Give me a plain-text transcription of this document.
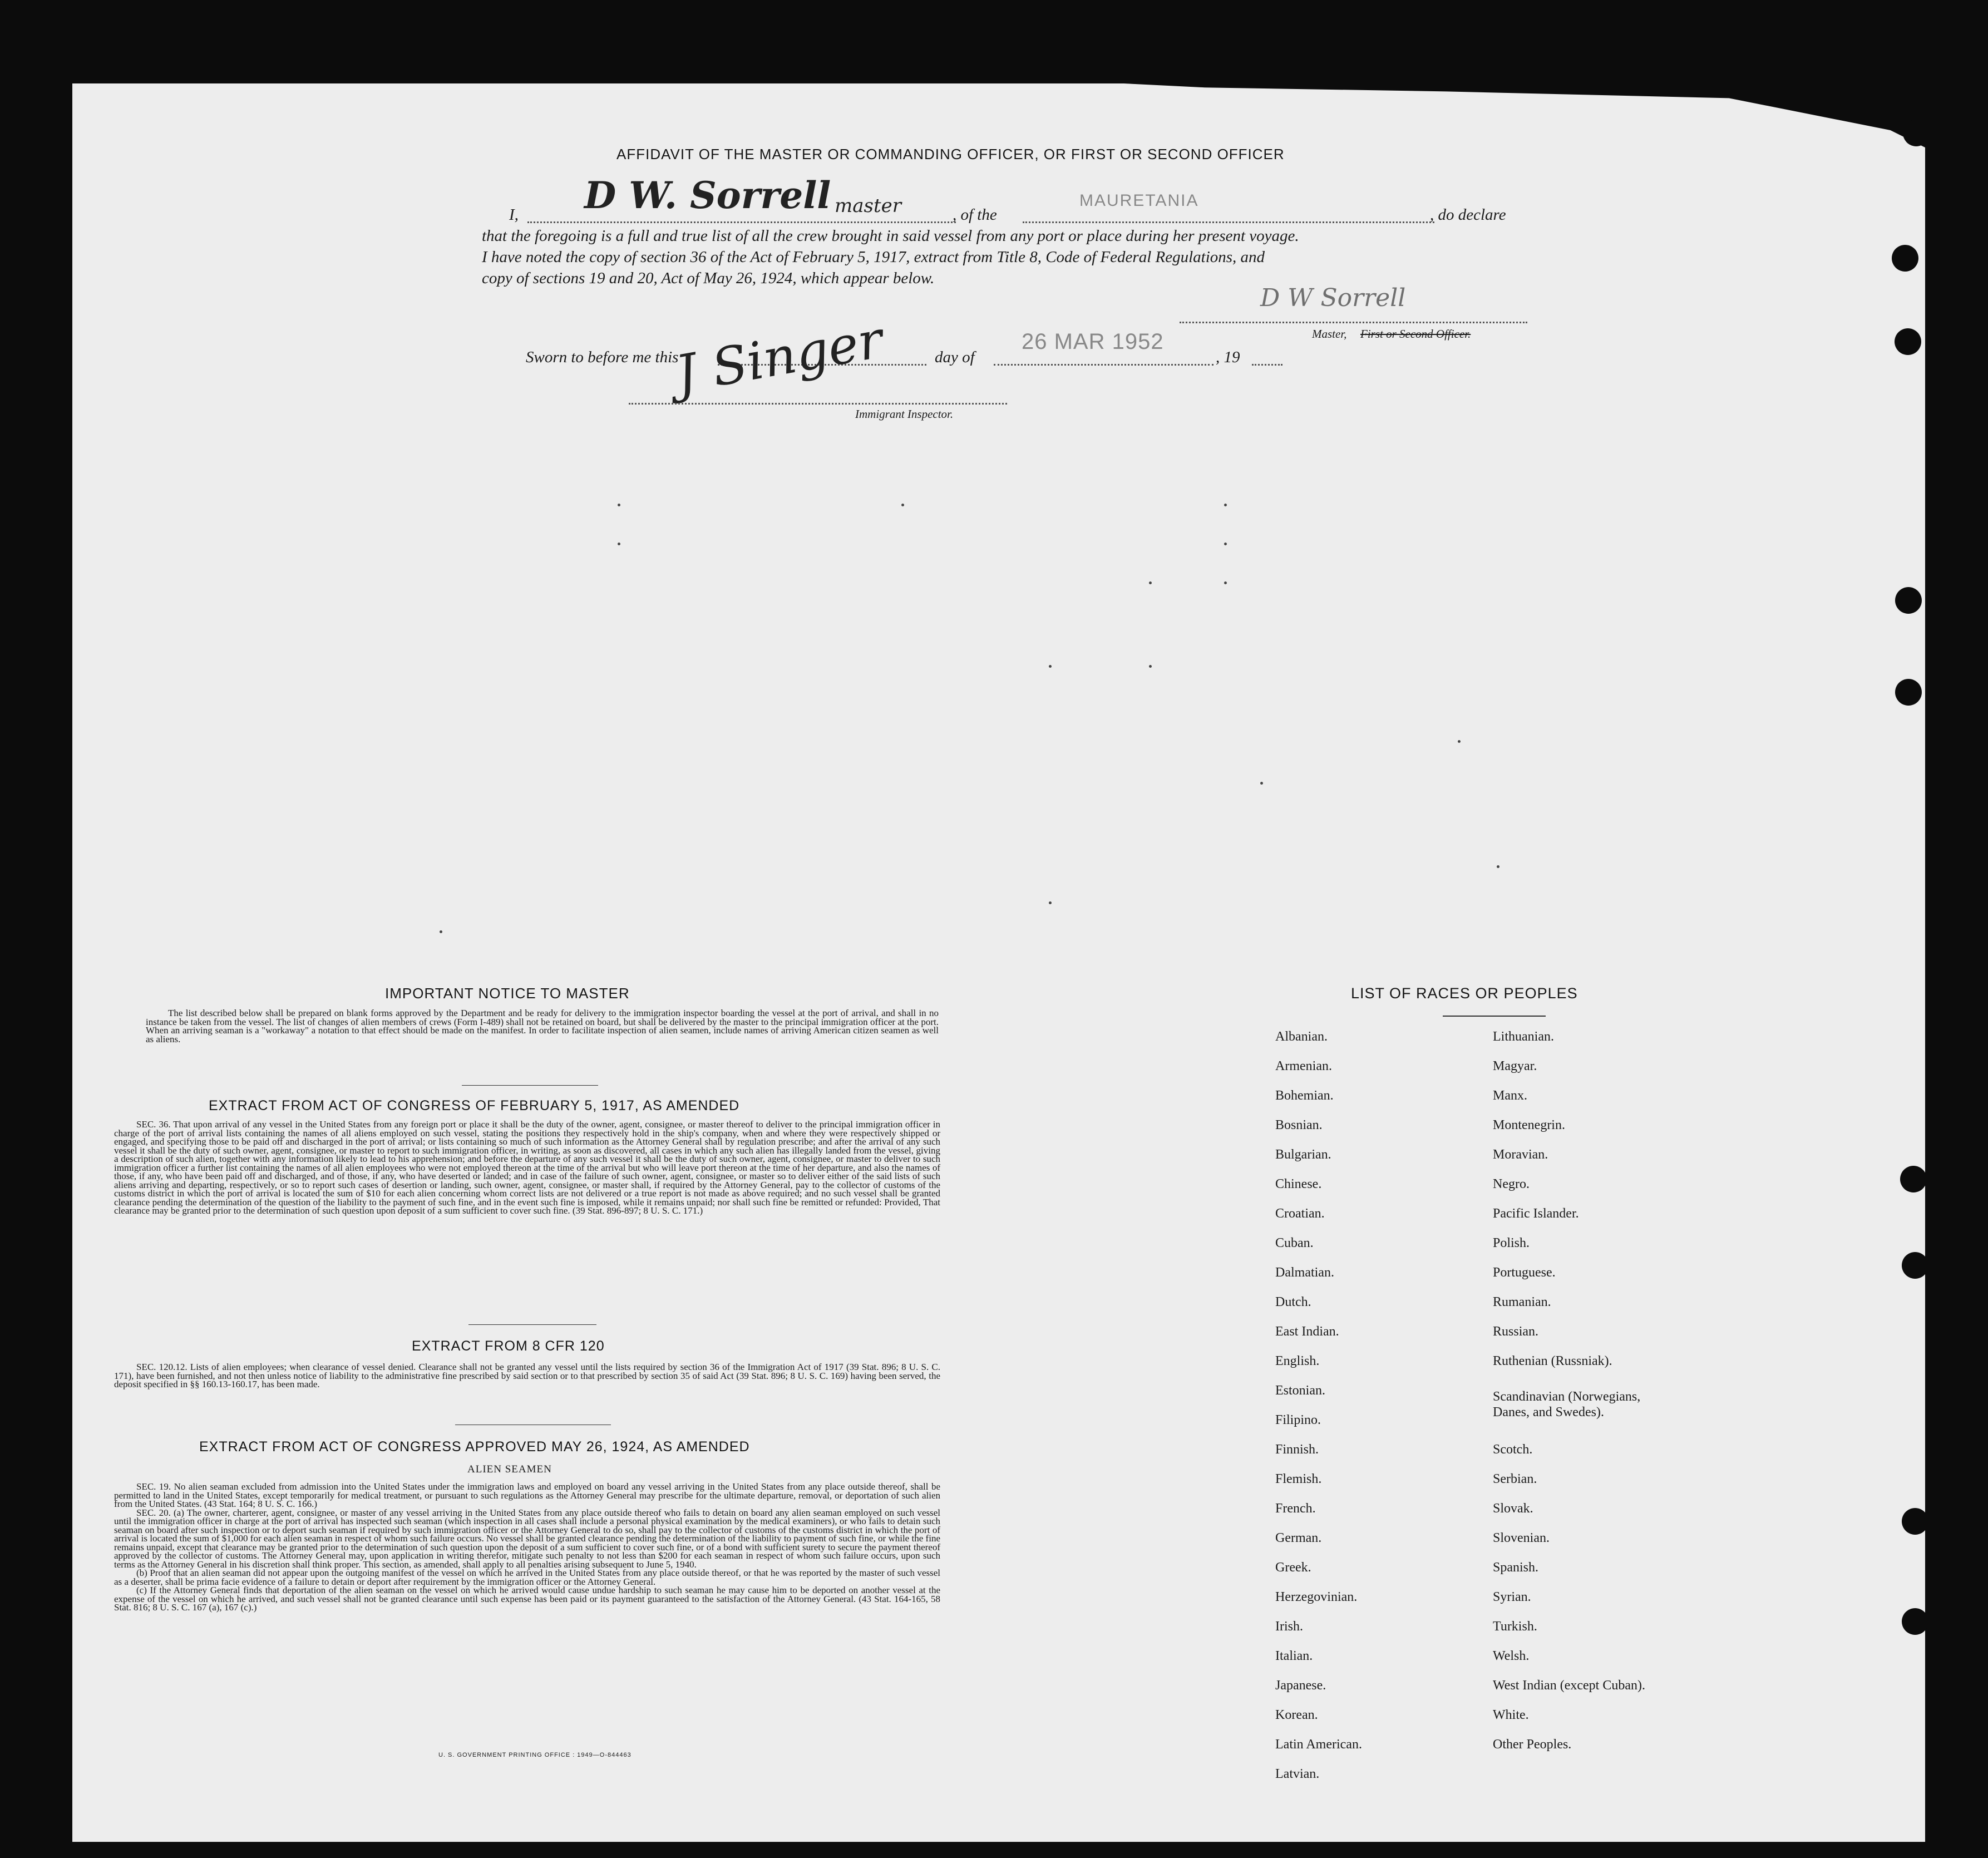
AFFIDAVIT OF THE MASTER OR COMMANDING OFFICER, OR FIRST OR SECOND OFFICER
I, D W. Sorrell master	, of the
MAURETANIA
, do declare
that the foregoing is a full and true list of all the crew brought in said vessel from any port or place during her present voyage.
I have noted the copy of section 36 of the Act of February 5, 1917, extract from Title 8, Code of Federal Regulations, and
copy of sections 19 and 20, Act of May 26, 1924, which appear below.
D W Sorrell
Master, First or Second Officer.
Sworn to before me this	day of
26 MAR 1952
, 19
J Singer
Immigrant Inspector.
IMPORTANT NOTICE TO MASTER

The list described below shall be prepared on blank forms approved by the Department and be ready for delivery to the immigration inspector boarding the vessel at the port of arrival, and shall in no instance be taken from the vessel. The list of changes of alien members of crews (Form I-489) shall not be retained on board, but shall be delivered by the master to the principal immigration officer at the port. When an arriving seaman is a "workaway" a notation to that effect should be made on the manifest. In order to facilitate inspection of alien seamen, include names of arriving American citizen seamen as well as aliens.

EXTRACT FROM ACT OF CONGRESS OF FEBRUARY 5, 1917, AS AMENDED

SEC. 36. That upon arrival of any vessel in the United States from any foreign port or place it shall be the duty of the owner, agent, consignee, or master thereof to deliver to the principal immigration officer in charge of the port of arrival lists containing the names of all aliens employed on such vessel, stating the positions they respectively hold in the ship's company, when and where they were respectively shipped or engaged, and specifying those to be paid off and discharged in the port of arrival; or lists containing so much of such information as the Attorney General shall by regulation prescribe; and after the arrival of any such vessel it shall be the duty of such owner, agent, consignee, or master to report to such immigration officer, in writing, as soon as discovered, all cases in which any such alien has illegally landed from the vessel, giving a description of such alien, together with any information likely to lead to his apprehension; and before the departure of any such vessel it shall be the duty of such owner, agent, consignee, or master to deliver to such immigration officer a further list containing the names of all alien employees who were not employed thereon at the time of the arrival but who will leave port thereon at the time of her departure, and also the names of those, if any, who have been paid off and discharged, and of those, if any, who have deserted or landed; and in case of the failure of such owner, agent, consignee, or master so to deliver either of the said lists of such aliens arriving and departing, respectively, or so to report such cases of desertion or landing, such owner, agent, consignee, or master shall, if required by the Attorney General, pay to the collector of customs of the customs district in which the port of arrival is located the sum of $10 for each alien concerning whom correct lists are not delivered or a true report is not made as above required; and no such vessel shall be granted clearance pending the determination of the question of the liability to the payment of such fine, and in the event such fine is imposed, while it remains unpaid; nor shall such fine be remitted or refunded: Provided, That clearance may be granted prior to the determination of such question upon deposit of a sum sufficient to cover such fine. (39 Stat. 896-897; 8 U. S. C. 171.)

EXTRACT FROM 8 CFR 120

SEC. 120.12. Lists of alien employees; when clearance of vessel denied. Clearance shall not be granted any vessel until the lists required by section 36 of the Immigration Act of 1917 (39 Stat. 896; 8 U. S. C. 171), have been furnished, and not then unless notice of liability to the administrative fine prescribed by said section or to that prescribed by section 35 of said Act (39 Stat. 896; 8 U. S. C. 169) having been served, the deposit specified in §§ 160.13-160.17, has been made.

EXTRACT FROM ACT OF CONGRESS APPROVED MAY 26, 1924, AS AMENDED
ALIEN SEAMEN

SEC. 19. No alien seaman excluded from admission into the United States under the immigration laws and employed on board any vessel arriving in the United States from any place outside thereof, shall be permitted to land in the United States, except temporarily for medical treatment, or pursuant to such regulations as the Attorney General may prescribe for the ultimate departure, removal, or deportation of such alien from the United States. (43 Stat. 164; 8 U. S. C. 166.)

SEC. 20. (a) The owner, charterer, agent, consignee, or master of any vessel arriving in the United States from any place outside thereof who fails to detain on board any alien seaman employed on such vessel until the immigration officer in charge at the port of arrival has inspected such seaman (which inspection in all cases shall include a personal physical examination by the medical examiners), or who fails to detain such seaman on board after such inspection or to deport such seaman if required by such immigration officer or the Attorney General to do so, shall pay to the collector of customs of the customs district in which the port of arrival is located the sum of $1,000 for each alien seaman in respect of whom such failure occurs. No vessel shall be granted clearance pending the determination of the liability to payment of such fine, or while the fine remains unpaid, except that clearance may be granted prior to the determination of such question upon the deposit of a sum sufficient to cover such fine, or of a bond with sufficient surety to secure the payment thereof approved by the collector of customs. The Attorney General may, upon application in writing therefor, mitigate such penalty to not less than $200 for each seaman in respect of whom such failure occurs, upon such terms as the Attorney General in his discretion shall think proper. This section, as amended, shall apply to all penalties arising subsequent to June 5, 1940.

(b) Proof that an alien seaman did not appear upon the outgoing manifest of the vessel on which he arrived in the United States from any place outside thereof, or that he was reported by the master of such vessel as a deserter, shall be prima facie evidence of a failure to detain or deport after requirement by the immigration officer or the Attorney General.

(c) If the Attorney General finds that deportation of the alien seaman on the vessel on which he arrived would cause undue hardship to such seaman he may cause him to be deported on another vessel at the expense of the vessel on which he arrived, and such vessel shall not be granted clearance until such expense has been paid or its payment guaranteed to the satisfaction of the Attorney General. (43 Stat. 164-165, 58 Stat. 816; 8 U. S. C. 167 (a), 167 (c).)

U. S. GOVERNMENT PRINTING OFFICE : 1949—O-844463
LIST OF RACES OR PEOPLES
Albanian.
Armenian.
Bohemian.
Bosnian.
Bulgarian.
Chinese.
Croatian.
Cuban.
Dalmatian.
Dutch.
East Indian.
English.
Estonian.
Filipino.
Finnish.
Flemish.
French.
German.
Greek.
Herzegovinian.
Irish.
Italian.
Japanese.
Korean.
Latin American.
Latvian.
Lithuanian.
Magyar.
Manx.
Montenegrin.
Moravian.
Negro.
Pacific Islander.
Polish.
Portuguese.
Rumanian.
Russian.
Ruthenian (Russniak).
Scandinavian (Norwegians, Danes, and Swedes).
Scotch.
Serbian.
Slovak.
Slovenian.
Spanish.
Syrian.
Turkish.
Welsh.
West Indian (except Cuban).
White.
Other Peoples.
